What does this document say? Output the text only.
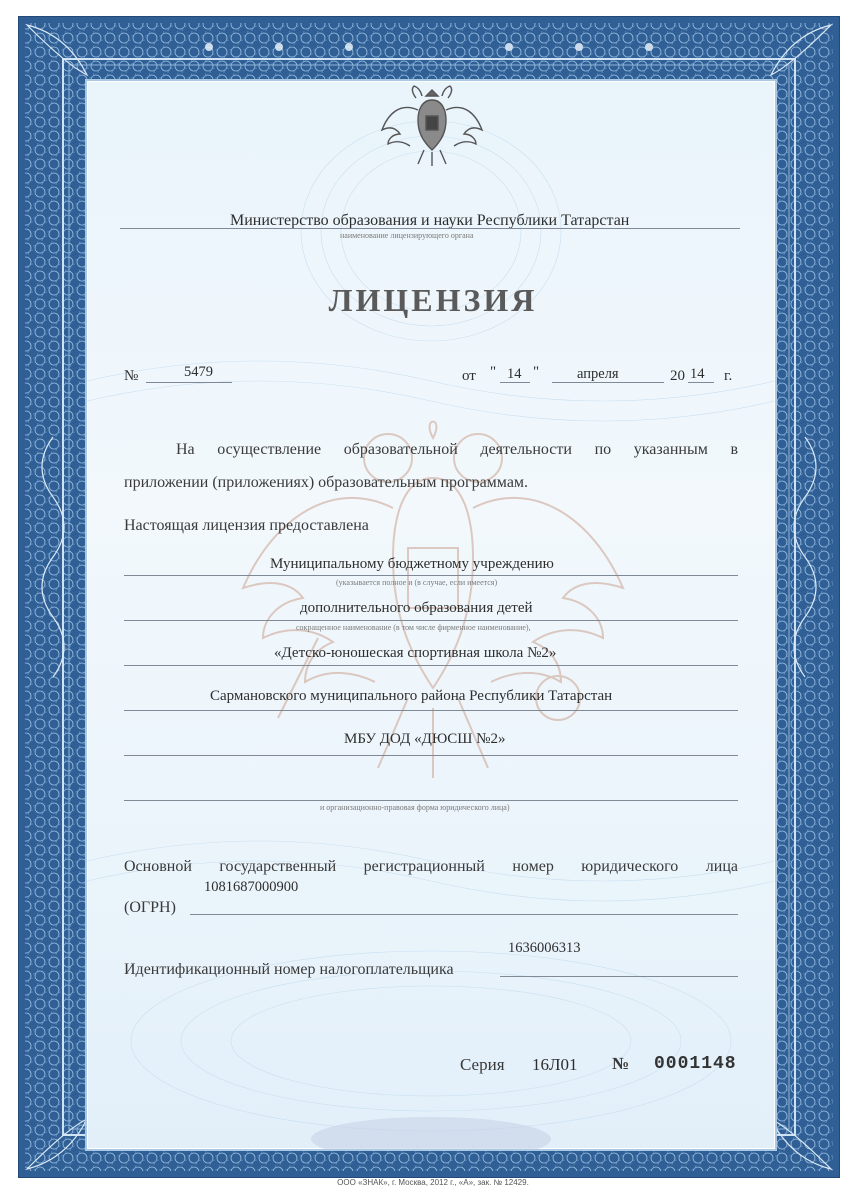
Министерство образования и науки Республики Татарстан
наименование лицензирующего органа
ЛИЦЕНЗИЯ
№	5479	от " 14 "	апреля	20 14 г.
На осуществление образовательной деятельности по указанным в
приложении (приложениях) образовательным программам.
Настоящая лицензия предоставлена
Муниципальному бюджетному учреждению
(указывается полное и (в случае, если имеется)
дополнительного образования детей
сокращенное наименование (в том числе фирменное наименование),
«Детско-юношеская спортивная школа №2»
Сармановского муниципального района Республики Татарстан
МБУ ДОД «ДЮСШ №2»
и организационно-правовая форма юридического лица)
Основной государственный регистрационный номер юридического лица
1081687000900
(ОГРН)
1636006313
Идентификационный номер налогоплательщика
Серия 16Л01 № 0001148
ООО «ЗНАК», г. Москва, 2012 г., «А», зак. № 12429.
